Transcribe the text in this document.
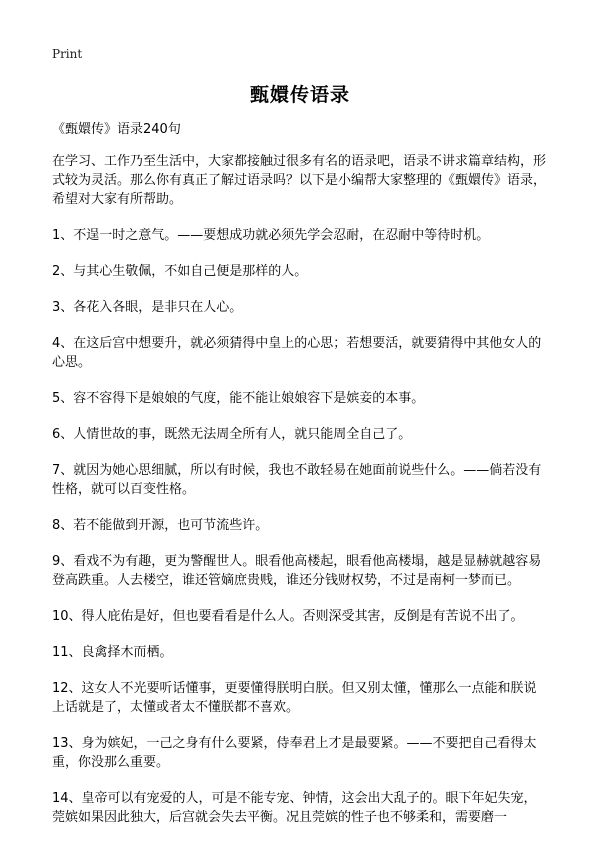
Print
甄嬛传语录

《甄嬛传》语录240句

在学习、工作乃至生活中，大家都接触过很多有名的语录吧，语录不讲求篇章结构，形式较为灵活。那么你有真正了解过语录吗？以下是小编帮大家整理的《甄嬛传》语录，希望对大家有所帮助。

1、不逞一时之意气。——要想成功就必须先学会忍耐，在忍耐中等待时机。

2、与其心生敬佩，不如自己便是那样的人。

3、各花入各眼，是非只在人心。

4、在这后宫中想要升，就必须猜得中皇上的心思；若想要活，就要猜得中其他女人的心思。

5、容不容得下是娘娘的气度，能不能让娘娘容下是嫔妾的本事。

6、人情世故的事，既然无法周全所有人，就只能周全自己了。

7、就因为她心思细腻，所以有时候，我也不敢轻易在她面前说些什么。——倘若没有性格，就可以百变性格。

8、若不能做到开源，也可节流些许。

9、看戏不为有趣，更为警醒世人。眼看他高楼起，眼看他高楼塌，越是显赫就越容易登高跌重。人去楼空，谁还管嫡庶贵贱，谁还分钱财权势，不过是南柯一梦而已。

10、得人庇佑是好，但也要看看是什么人。否则深受其害，反倒是有苦说不出了。

11、良禽择木而栖。

12、这女人不光要听话懂事，更要懂得朕明白朕。但又别太懂，懂那么一点能和朕说上话就是了，太懂或者太不懂朕都不喜欢。

13、身为嫔妃，一己之身有什么要紧，侍奉君上才是最要紧。——不要把自己看得太重，你没那么重要。

14、皇帝可以有宠爱的人，可是不能专宠、钟情，这会出大乱子的。眼下年妃失宠，莞嫔如果因此独大，后宫就会失去平衡。况且莞嫔的性子也不够柔和，需要磨一
